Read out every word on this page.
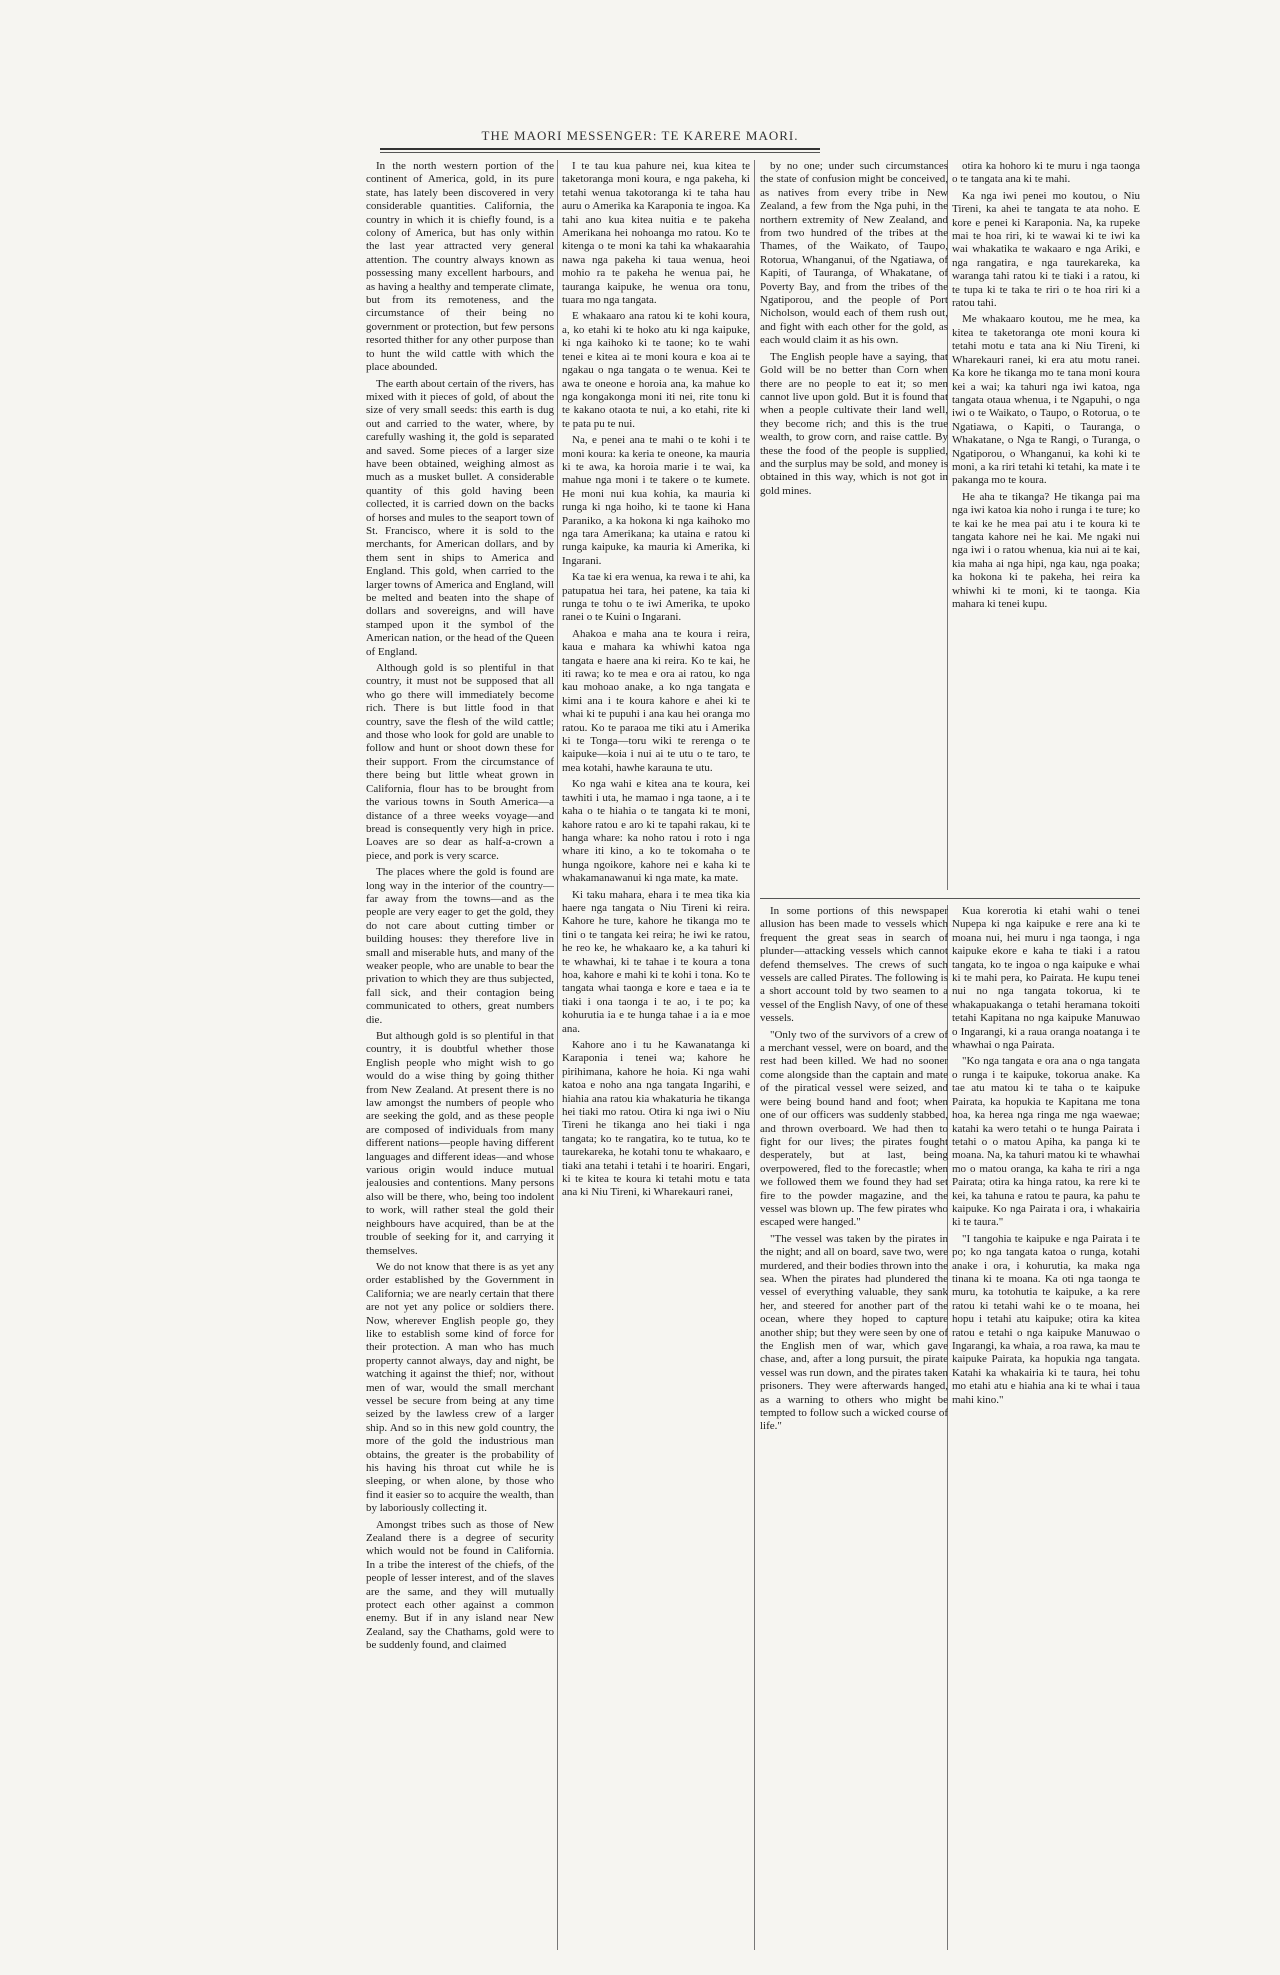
THE MAORI MESSENGER: TE KARERE MAORI.

In the north western portion of the continent of America, gold, in its pure state, has lately been discovered in very considerable quantities. California, the country in which it is chiefly found, is a colony of America, but has only within the last year attracted very general attention. The country always known as possessing many excellent harbours, and as having a healthy and temperate climate, but from its remoteness, and the circumstance of their being no government or protection, but few persons resorted thither for any other purpose than to hunt the wild cattle with which the place abounded.

The earth about certain of the rivers, has mixed with it pieces of gold, of about the size of very small seeds: this earth is dug out and carried to the water, where, by carefully washing it, the gold is separated and saved. Some pieces of a larger size have been obtained, weighing almost as much as a musket bullet. A considerable quantity of this gold having been collected, it is carried down on the backs of horses and mules to the seaport town of St. Francisco, where it is sold to the merchants, for American dollars, and by them sent in ships to America and England. This gold, when carried to the larger towns of America and England, will be melted and beaten into the shape of dollars and sovereigns, and will have stamped upon it the symbol of the American nation, or the head of the Queen of England.

Although gold is so plentiful in that country, it must not be supposed that all who go there will immediately become rich. There is but little food in that country, save the flesh of the wild cattle; and those who look for gold are unable to follow and hunt or shoot down these for their support. From the circumstance of there being but little wheat grown in California, flour has to be brought from the various towns in South America—a distance of a three weeks voyage—and bread is consequently very high in price. Loaves are so dear as half-a-crown a piece, and pork is very scarce.

The places where the gold is found are long way in the interior of the country—far away from the towns—and as the people are very eager to get the gold, they do not care about cutting timber or building houses: they therefore live in small and miserable huts, and many of the weaker people, who are unable to bear the privation to which they are thus subjected, fall sick, and their contagion being communicated to others, great numbers die.

But although gold is so plentiful in that country, it is doubtful whether those English people who might wish to go would do a wise thing by going thither from New Zealand. At present there is no law amongst the numbers of people who are seeking the gold, and as these people are composed of individuals from many different nations—people having different languages and different ideas—and whose various origin would induce mutual jealousies and contentions. Many persons also will be there, who, being too indolent to work, will rather steal the gold their neighbours have acquired, than be at the trouble of seeking for it, and carrying it themselves.

We do not know that there is as yet any order established by the Government in California; we are nearly certain that there are not yet any police or soldiers there. Now, wherever English people go, they like to establish some kind of force for their protection. A man who has much property cannot always, day and night, be watching it against the thief; nor, without men of war, would the small merchant vessel be secure from being at any time seized by the lawless crew of a larger ship. And so in this new gold country, the more of the gold the industrious man obtains, the greater is the probability of his having his throat cut while he is sleeping, or when alone, by those who find it easier so to acquire the wealth, than by laboriously collecting it.

Amongst tribes such as those of New Zealand there is a degree of security which would not be found in California. In a tribe the interest of the chiefs, of the people of lesser interest, and of the slaves are the same, and they will mutually protect each other against a common enemy. But if in any island near New Zealand, say the Chathams, gold were to be suddenly found, and claimed

I te tau kua pahure nei, kua kitea te taketoranga moni koura, e nga pakeha, ki tetahi wenua takotoranga ki te taha hau auru o Amerika ka Karaponia te ingoa. Ka tahi ano kua kitea nuitia e te pakeha Amerikana hei nohoanga mo ratou. Ko te kitenga o te moni ka tahi ka whakaarahia nawa nga pakeha ki taua wenua, heoi mohio ra te pakeha he wenua pai, he tauranga kaipuke, he wenua ora tonu, tuara mo nga tangata.

E whakaaro ana ratou ki te kohi koura, a, ko etahi ki te hoko atu ki nga kaipuke, ki nga kaihoko ki te taone; ko te wahi tenei e kitea ai te moni koura e koa ai te ngakau o nga tangata o te wenua. Kei te awa te oneone e horoia ana, ka mahue ko nga kongakonga moni iti nei, rite tonu ki te kakano otaota te nui, a ko etahi, rite ki te pata pu te nui.

Na, e penei ana te mahi o te kohi i te moni koura: ka keria te oneone, ka mauria ki te awa, ka horoia marie i te wai, ka mahue nga moni i te takere o te kumete. He moni nui kua kohia, ka mauria ki runga ki nga hoiho, ki te taone ki Hana Paraniko, a ka hokona ki nga kaihoko mo nga tara Amerikana; ka utaina e ratou ki runga kaipuke, ka mauria ki Amerika, ki Ingarani.

Ka tae ki era wenua, ka rewa i te ahi, ka patupatua hei tara, hei patene, ka taia ki runga te tohu o te iwi Amerika, te upoko ranei o te Kuini o Ingarani.

Ahakoa e maha ana te koura i reira, kaua e mahara ka whiwhi katoa nga tangata e haere ana ki reira. Ko te kai, he iti rawa; ko te mea e ora ai ratou, ko nga kau mohoao anake, a ko nga tangata e kimi ana i te koura kahore e ahei ki te whai ki te pupuhi i ana kau hei oranga mo ratou. Ko te paraoa me tiki atu i Amerika ki te Tonga—toru wiki te rerenga o te kaipuke—koia i nui ai te utu o te taro, te mea kotahi, hawhe karauna te utu.

Ko nga wahi e kitea ana te koura, kei tawhiti i uta, he mamao i nga taone, a i te kaha o te hiahia o te tangata ki te moni, kahore ratou e aro ki te tapahi rakau, ki te hanga whare: ka noho ratou i roto i nga whare iti kino, a ko te tokomaha o te hunga ngoikore, kahore nei e kaha ki te whakamanawanui ki nga mate, ka mate.

Ki taku mahara, ehara i te mea tika kia haere nga tangata o Niu Tireni ki reira. Kahore he ture, kahore he tikanga mo te tini o te tangata kei reira; he iwi ke ratou, he reo ke, he whakaaro ke, a ka tahuri ki te whawhai, ki te tahae i te koura a tona hoa, kahore e mahi ki te kohi i tona. Ko te tangata whai taonga e kore e taea e ia te tiaki i ona taonga i te ao, i te po; ka kohurutia ia e te hunga tahae i a ia e moe ana.

Kahore ano i tu he Kawanatanga ki Karaponia i tenei wa; kahore he pirihimana, kahore he hoia. Ki nga wahi katoa e noho ana nga tangata Ingarihi, e hiahia ana ratou kia whakaturia he tikanga hei tiaki mo ratou. Otira ki nga iwi o Niu Tireni he tikanga ano hei tiaki i nga tangata; ko te rangatira, ko te tutua, ko te taurekareka, he kotahi tonu te whakaaro, e tiaki ana tetahi i tetahi i te hoariri. Engari, ki te kitea te koura ki tetahi motu e tata ana ki Niu Tireni, ki Wharekauri ranei,

by no one; under such circumstances the state of confusion might be conceived, as natives from every tribe in New Zealand, a few from the Nga puhi, in the northern extremity of New Zealand, and from two hundred of the tribes at the Thames, of the Waikato, of Taupo, Rotorua, Whanganui, of the Ngatiawa, of Kapiti, of Tauranga, of Whakatane, of Poverty Bay, and from the tribes of the Ngatiporou, and the people of Port Nicholson, would each of them rush out, and fight with each other for the gold, as each would claim it as his own.

The English people have a saying, that Gold will be no better than Corn when there are no people to eat it; so men cannot live upon gold. But it is found that when a people cultivate their land well, they become rich; and this is the true wealth, to grow corn, and raise cattle. By these the food of the people is supplied, and the surplus may be sold, and money is obtained in this way, which is not got in gold mines.

otira ka hohoro ki te muru i nga taonga o te tangata ana ki te mahi.

Ka nga iwi penei mo koutou, o Niu Tireni, ka ahei te tangata te ata noho. E kore e penei ki Karaponia. Na, ka rupeke mai te hoa riri, ki te wawai ki te iwi ka wai whakatika te wakaaro e nga Ariki, e nga rangatira, e nga taurekareka, ka waranga tahi ratou ki te tiaki i a ratou, ki te tupa ki te taka te riri o te hoa riri ki a ratou tahi.

Me whakaaro koutou, me he mea, ka kitea te taketoranga ote moni koura ki tetahi motu e tata ana ki Niu Tireni, ki Wharekauri ranei, ki era atu motu ranei. Ka kore he tikanga mo te tana moni koura kei a wai; ka tahuri nga iwi katoa, nga tangata otaua whenua, i te Ngapuhi, o nga iwi o te Waikato, o Taupo, o Rotorua, o te Ngatiawa, o Kapiti, o Tauranga, o Whakatane, o Nga te Rangi, o Turanga, o Ngatiporou, o Whanganui, ka kohi ki te moni, a ka riri tetahi ki tetahi, ka mate i te pakanga mo te koura.

He aha te tikanga? He tikanga pai ma nga iwi katoa kia noho i runga i te ture; ko te kai ke he mea pai atu i te koura ki te tangata kahore nei he kai. Me ngaki nui nga iwi i o ratou whenua, kia nui ai te kai, kia maha ai nga hipi, nga kau, nga poaka; ka hokona ki te pakeha, hei reira ka whiwhi ki te moni, ki te taonga. Kia mahara ki tenei kupu.

In some portions of this newspaper allusion has been made to vessels which frequent the great seas in search of plunder—attacking vessels which cannot defend themselves. The crews of such vessels are called Pirates. The following is a short account told by two seamen to a vessel of the English Navy, of one of these vessels.

"Only two of the survivors of a crew of a merchant vessel, were on board, and the rest had been killed. We had no sooner come alongside than the captain and mate of the piratical vessel were seized, and were being bound hand and foot; when one of our officers was suddenly stabbed, and thrown overboard. We had then to fight for our lives; the pirates fought desperately, but at last, being overpowered, fled to the forecastle; when we followed them we found they had set fire to the powder magazine, and the vessel was blown up. The few pirates who escaped were hanged."

"The vessel was taken by the pirates in the night; and all on board, save two, were murdered, and their bodies thrown into the sea. When the pirates had plundered the vessel of everything valuable, they sank her, and steered for another part of the ocean, where they hoped to capture another ship; but they were seen by one of the English men of war, which gave chase, and, after a long pursuit, the pirate vessel was run down, and the pirates taken prisoners. They were afterwards hanged, as a warning to others who might be tempted to follow such a wicked course of life."

Kua korerotia ki etahi wahi o tenei Nupepa ki nga kaipuke e rere ana ki te moana nui, hei muru i nga taonga, i nga kaipuke ekore e kaha te tiaki i a ratou tangata, ko te ingoa o nga kaipuke e whai ki te mahi pera, ko Pairata. He kupu tenei nui no nga tangata tokorua, ki te whakapuakanga o tetahi heramana tokoiti tetahi Kapitana no nga kaipuke Manuwao o Ingarangi, ki a raua oranga noatanga i te whawhai o nga Pairata.

"Ko nga tangata e ora ana o nga tangata o runga i te kaipuke, tokorua anake. Ka tae atu matou ki te taha o te kaipuke Pairata, ka hopukia te Kapitana me tona hoa, ka herea nga ringa me nga waewae; katahi ka wero tetahi o te hunga Pairata i tetahi o o matou Apiha, ka panga ki te moana. Na, ka tahuri matou ki te whawhai mo o matou oranga, ka kaha te riri a nga Pairata; otira ka hinga ratou, ka rere ki te kei, ka tahuna e ratou te paura, ka pahu te kaipuke. Ko nga Pairata i ora, i whakairia ki te taura."

"I tangohia te kaipuke e nga Pairata i te po; ko nga tangata katoa o runga, kotahi anake i ora, i kohurutia, ka maka nga tinana ki te moana. Ka oti nga taonga te muru, ka totohutia te kaipuke, a ka rere ratou ki tetahi wahi ke o te moana, hei hopu i tetahi atu kaipuke; otira ka kitea ratou e tetahi o nga kaipuke Manuwao o Ingarangi, ka whaia, a roa rawa, ka mau te kaipuke Pairata, ka hopukia nga tangata. Katahi ka whakairia ki te taura, hei tohu mo etahi atu e hiahia ana ki te whai i taua mahi kino."
